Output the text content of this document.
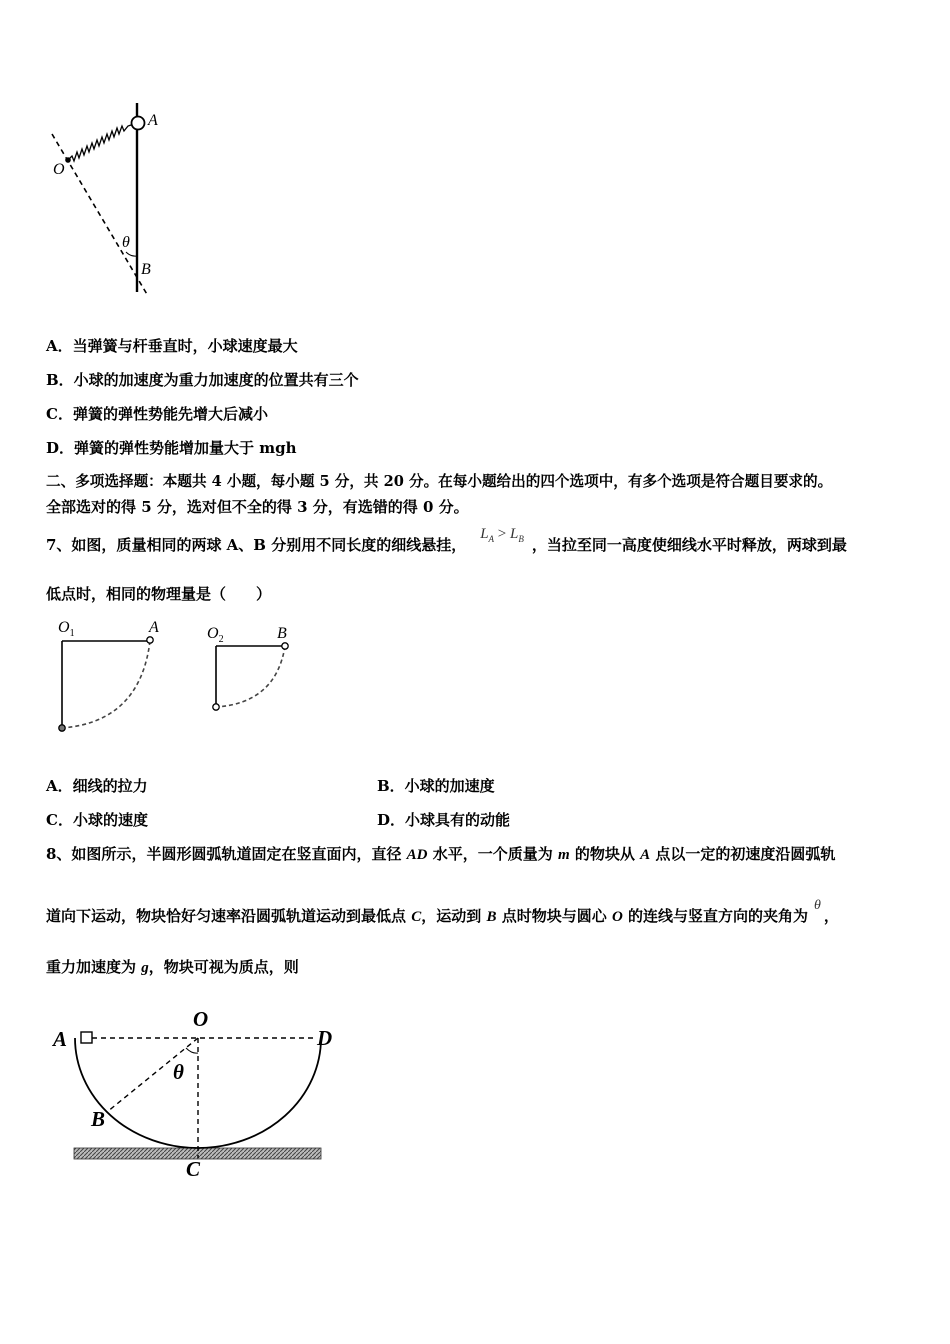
A
O
θ
B
A．当弹簧与杆垂直时，小球速度最大
B．小球的加速度为重力加速度的位置共有三个
C．弹簧的弹性势能先增大后减小
D．弹簧的弹性势能增加量大于 mgh
二、多项选择题：本题共 4 小题，每小题 5 分，共 20 分。在每小题给出的四个选项中，有多个选项是符合题目要求的。
全部选对的得 5 分，选对但不全的得 3 分，有选错的得 0 分。
7、如图，质量相同的两球 A、B 分别用不同长度的细线悬挂，$L_A > L_B$ ，当拉至同一高度使细线水平时释放，两球到最
低点时，相同的物理量是（　　）
$O_1$	A	$O_2$	B
A．细线的拉力	B．小球的加速度
C．小球的速度	D．小球具有的动能
8、如图所示，半圆形圆弧轨道固定在竖直面内，直径 AD 水平，一个质量为 m 的物块从 A 点以一定的初速度沿圆弧轨
道向下运动，物块恰好匀速率沿圆弧轨道运动到最低点 C，运动到 B 点时物块与圆心 O 的连线与竖直方向的夹角为θ，
重力加速度为 g，物块可视为质点，则
A
O
D
θ
B
C
